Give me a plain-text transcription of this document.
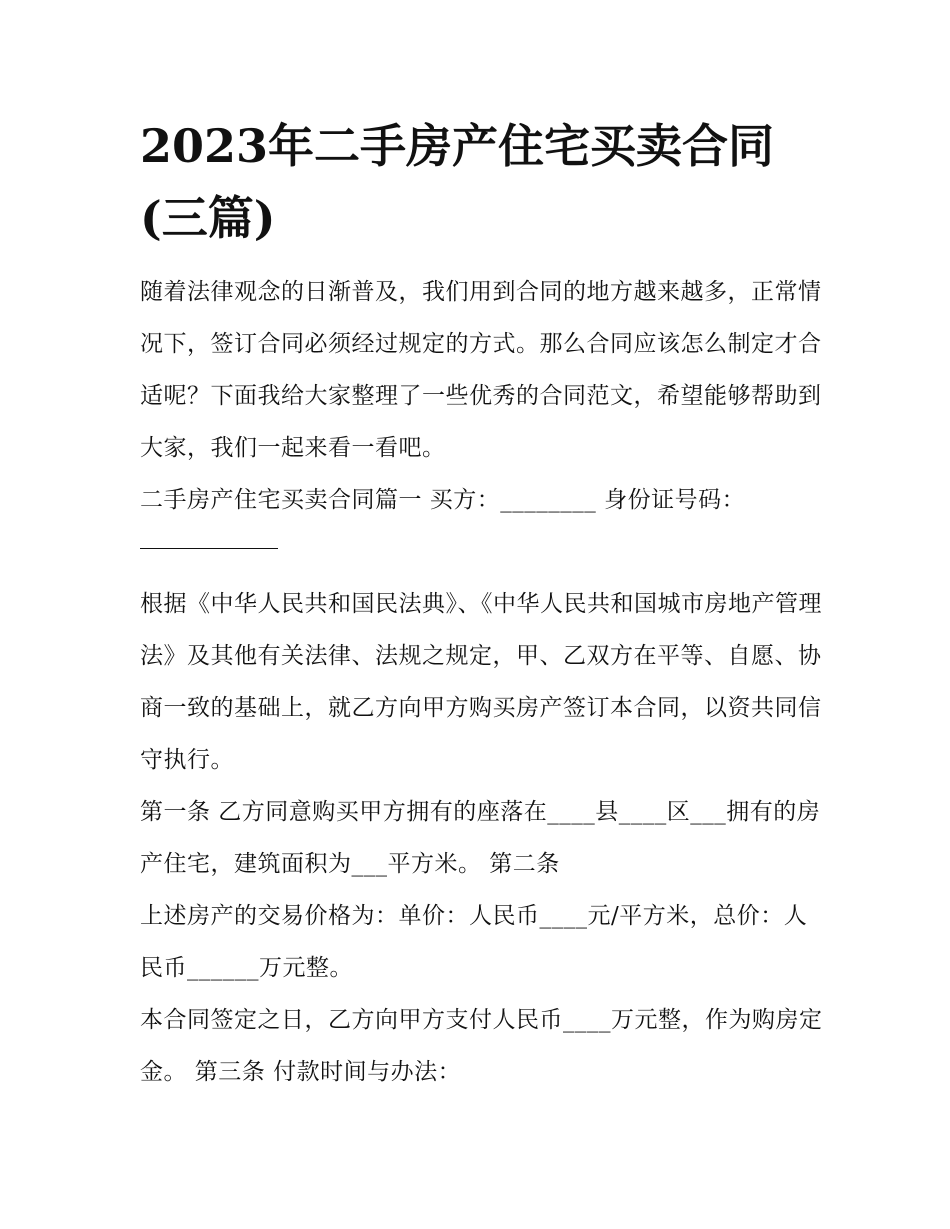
2023年二手房产住宅买卖合同(三篇)

随着法律观念的日渐普及，我们用到合同的地方越来越多，正常情况下，签订合同必须经过规定的方式。那么合同应该怎么制定才合适呢？下面我给大家整理了一些优秀的合同范文，希望能够帮助到大家，我们一起来看一看吧。

二手房产住宅买卖合同篇一 买方：________ 身份证号码：

根据《中华人民共和国民法典》、《中华人民共和国城市房地产管理法》及其他有关法律、法规之规定，甲、乙双方在平等、自愿、协商一致的基础上，就乙方向甲方购买房产签订本合同，以资共同信守执行。

第一条 乙方同意购买甲方拥有的座落在____县____区___拥有的房产住宅，建筑面积为___平方米。 第二条

上述房产的交易价格为：单价：人民币____元/平方米，总价：人民币______万元整。

本合同签定之日，乙方向甲方支付人民币____万元整，作为购房定金。 第三条 付款时间与办法：
